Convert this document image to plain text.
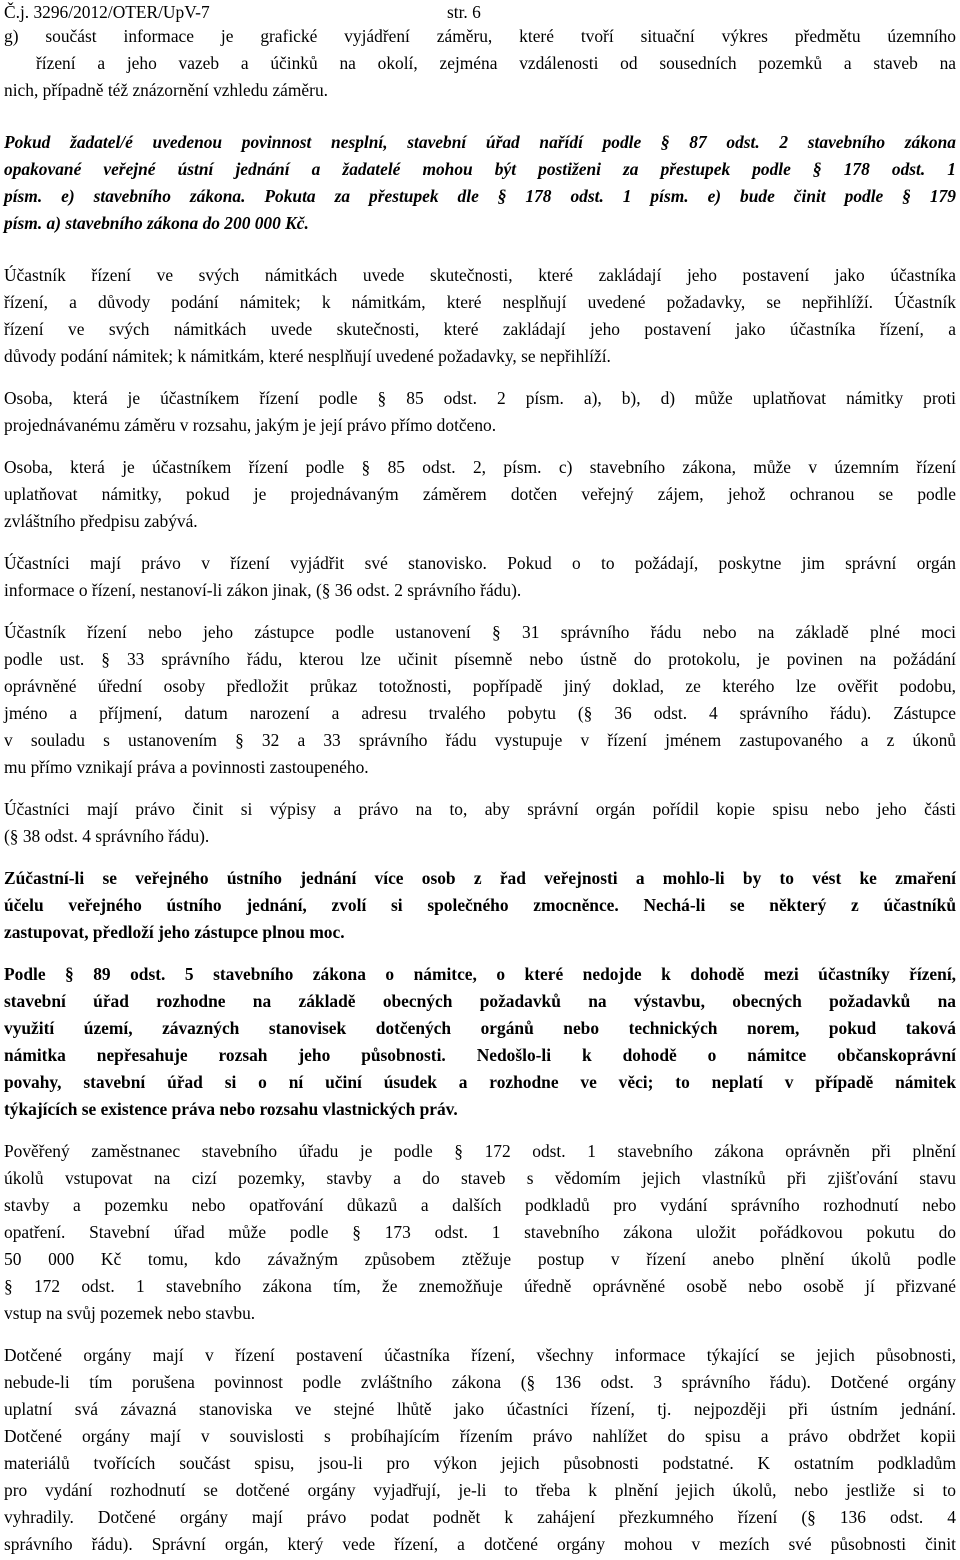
Č.j. 3296/2012/OTER/UpV-7	str. 6
g) součást informace je grafické vyjádření záměru, které tvoří situační výkres předmětu územního
řízení a jeho vazeb a účinků na okolí, zejména vzdálenosti od sousedních pozemků a staveb na
nich, případně též znázornění vzhledu záměru.
Pokud žadatel/é uvedenou povinnost nesplní, stavební úřad nařídí podle § 87 odst. 2 stavebního zákona
opakované veřejné ústní jednání a žadatelé mohou být postiženi za přestupek podle § 178 odst. 1
písm. e) stavebního zákona. Pokuta za přestupek dle § 178 odst. 1 písm. e) bude činit podle § 179
písm. a) stavebního zákona do 200 000 Kč.
Účastník řízení ve svých námitkách uvede skutečnosti, které zakládají jeho postavení jako účastníka
řízení, a důvody podání námitek; k námitkám, které nesplňují uvedené požadavky, se nepřihlíží. Účastník
řízení ve svých námitkách uvede skutečnosti, které zakládají jeho postavení jako účastníka řízení, a
důvody podání námitek; k námitkám, které nesplňují uvedené požadavky, se nepřihlíží.
Osoba, která je účastníkem řízení podle § 85 odst. 2 písm. a), b), d) může uplatňovat námitky proti
projednávanému záměru v rozsahu, jakým je její právo přímo dotčeno.
Osoba, která je účastníkem řízení podle § 85 odst. 2, písm. c) stavebního zákona, může v územním řízení
uplatňovat námitky, pokud je projednávaným záměrem dotčen veřejný zájem, jehož ochranou se podle
zvláštního předpisu zabývá.
Účastníci mají právo v řízení vyjádřit své stanovisko. Pokud o to požádají, poskytne jim správní orgán
informace o řízení, nestanoví-li zákon jinak, (§ 36 odst. 2 správního řádu).
Účastník řízení nebo jeho zástupce podle ustanovení § 31 správního řádu nebo na základě plné moci
podle ust. § 33 správního řádu, kterou lze učinit písemně nebo ústně do protokolu, je povinen na požádání
oprávněné úřední osoby předložit průkaz totožnosti, popřípadě jiný doklad, ze kterého lze ověřit podobu,
jméno a příjmení, datum narození a adresu trvalého pobytu (§ 36 odst. 4 správního řádu). Zástupce
v souladu s ustanovením § 32 a 33 správního řádu vystupuje v řízení jménem zastupovaného a z úkonů
mu přímo vznikají práva a povinnosti zastoupeného.
Účastníci mají právo činit si výpisy a právo na to, aby správní orgán pořídil kopie spisu nebo jeho části
(§ 38 odst. 4 správního řádu).
Zúčastní-li se veřejného ústního jednání více osob z řad veřejnosti a mohlo-li by to vést ke zmaření
účelu veřejného ústního jednání, zvolí si společného zmocněnce. Nechá-li se některý z účastníků
zastupovat, předloží jeho zástupce plnou moc.
Podle § 89 odst. 5 stavebního zákona o námitce, o které nedojde k dohodě mezi účastníky řízení,
stavební úřad rozhodne na základě obecných požadavků na výstavbu, obecných požadavků na
využití území, závazných stanovisek dotčených orgánů nebo technických norem, pokud taková
námitka nepřesahuje rozsah jeho působnosti. Nedošlo-li k dohodě o námitce občanskoprávní
povahy, stavební úřad si o ní učiní úsudek a rozhodne ve věci; to neplatí v případě námitek
týkajících se existence práva nebo rozsahu vlastnických práv.
Pověřený zaměstnanec stavebního úřadu je podle § 172 odst. 1 stavebního zákona oprávněn při plnění
úkolů vstupovat na cizí pozemky, stavby a do staveb s vědomím jejich vlastníků při zjišťování stavu
stavby a pozemku nebo opatřování důkazů a dalších podkladů pro vydání správního rozhodnutí nebo
opatření. Stavební úřad může podle § 173 odst. 1 stavebního zákona uložit pořádkovou pokutu do
50 000 Kč tomu, kdo závažným způsobem ztěžuje postup v řízení anebo plnění úkolů podle
§ 172 odst. 1 stavebního zákona tím, že znemožňuje úředně oprávněné osobě nebo osobě jí přizvané
vstup na svůj pozemek nebo stavbu.
Dotčené orgány mají v řízení postavení účastníka řízení, všechny informace týkající se jejich působnosti,
nebude-li tím porušena povinnost podle zvláštního zákona (§ 136 odst. 3 správního řádu). Dotčené orgány
uplatní svá závazná stanoviska ve stejné lhůtě jako účastníci řízení, tj. nejpozději při ústním jednání.
Dotčené orgány mají v souvislosti s probíhajícím řízením právo nahlížet do spisu a právo obdržet kopii
materiálů tvořících součást spisu, jsou-li pro výkon jejich působnosti podstatné. K ostatním podkladům
pro vydání rozhodnutí se dotčené orgány vyjadřují, je-li to třeba k plnění jejich úkolů, nebo jestliže si to
vyhradily. Dotčené orgány mají právo podat podnět k zahájení přezkumného řízení (§ 136 odst. 4
správního řádu). Správní orgán, který vede řízení, a dotčené orgány mohou v mezích své působnosti činit
